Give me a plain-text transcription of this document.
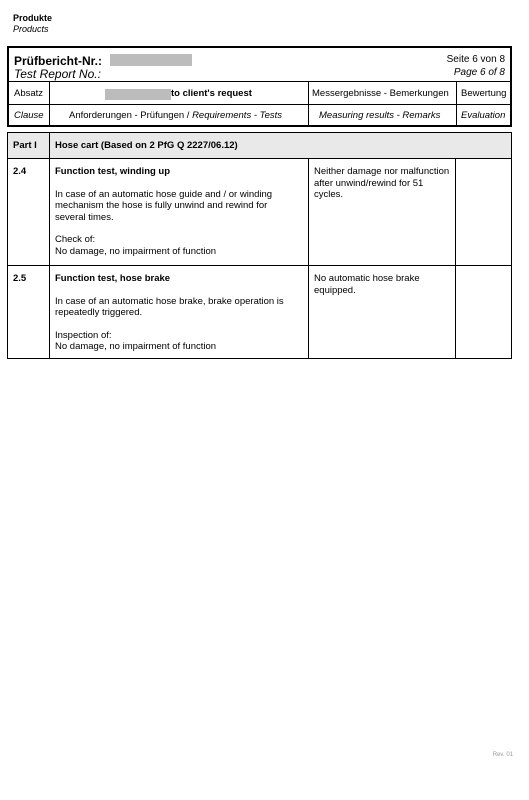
Produkte
Products
Prüfbericht-Nr.:
Test Report No.:
Seite 6 von 8
Page 6 of 8
Absatz
Clause
to client's request
Anforderungen - Prüfungen / Requirements - Tests
Messergebnisse - Bemerkungen
Measuring results - Remarks
Bewertung
Evaluation
Part I Hose cart (Based on 2 PfG Q 2227/06.12)
2.4	Function test, winding up

In case of an automatic hose guide and / or winding mechanism the hose is fully unwind and rewind for several times.

Check of:
No damage, no impairment of function

Neither damage nor malfunction after unwind/rewind for 51 cycles.
2.5	Function test, hose brake

In case of an automatic hose brake, brake operation is repeatedly triggered.

Inspection of:
No damage, no impairment of function

No automatic hose brake equipped.
Rev. 01
